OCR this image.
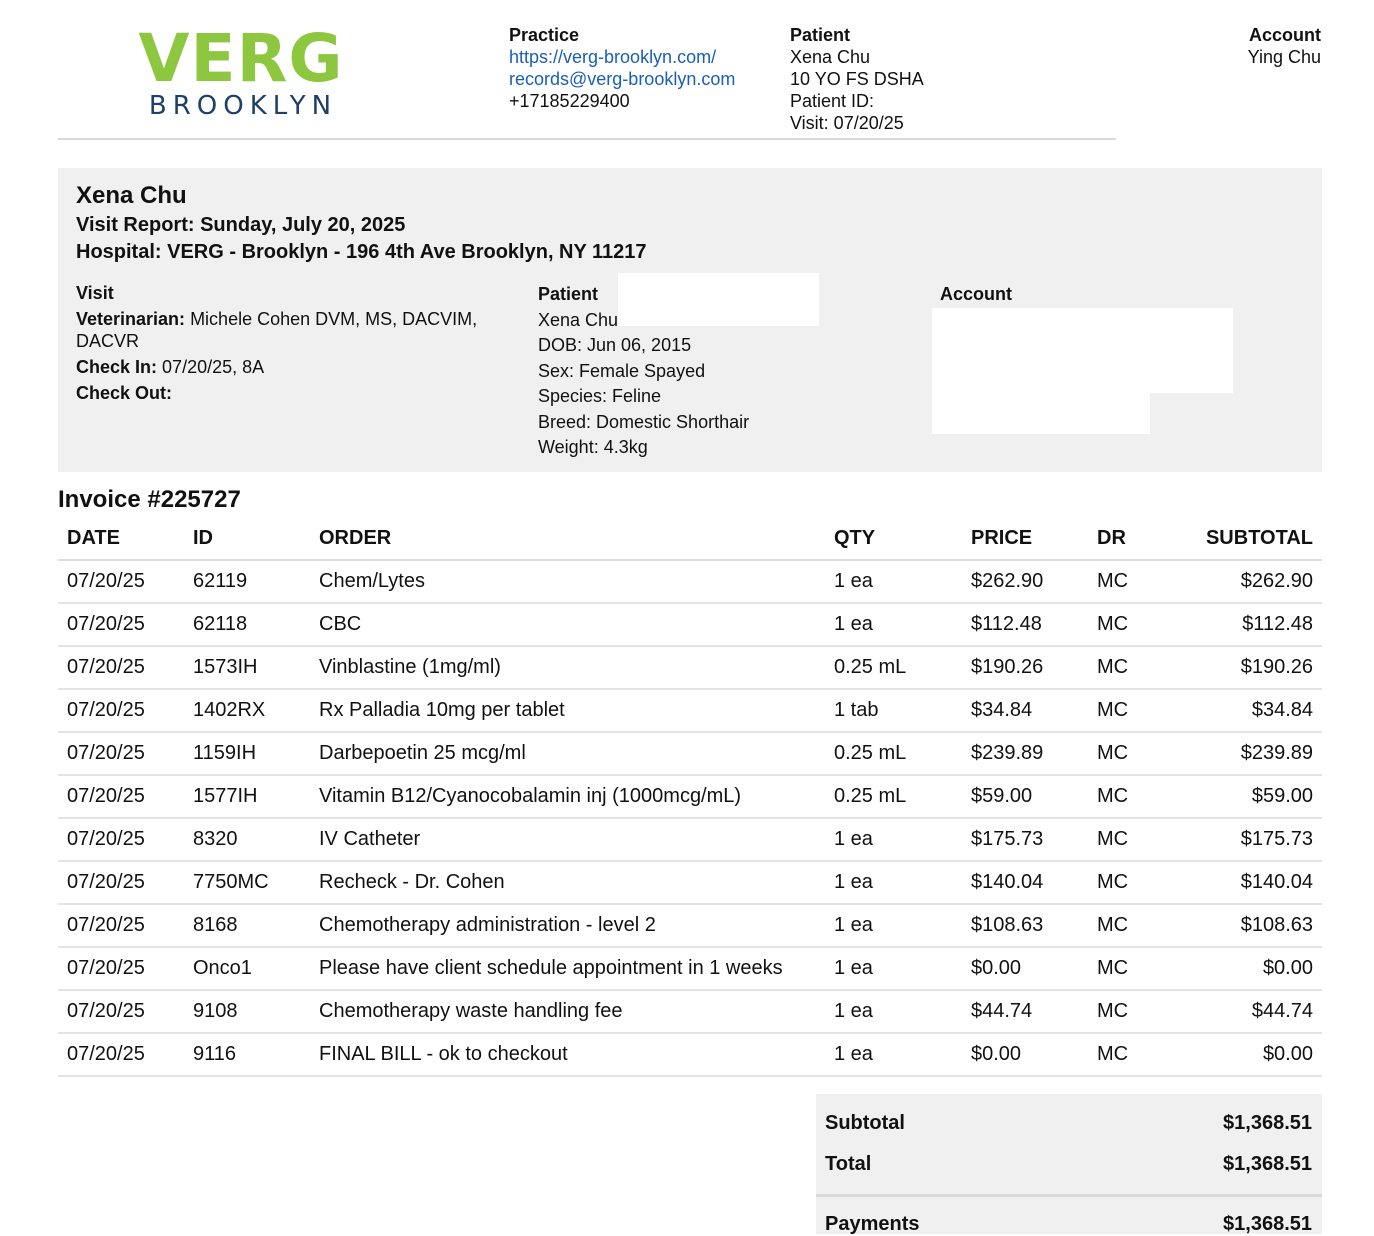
VERG
BROOKLYN
Practice
https://verg-brooklyn.com/
records@verg-brooklyn.com
+17185229400
Patient
Xena Chu
10 YO FS DSHA
Patient ID:
Visit: 07/20/25
Account
Ying Chu
Xena Chu
Visit Report: Sunday, July 20, 2025
Hospital: VERG - Brooklyn - 196 4th Ave Brooklyn, NY 11217
Visit
Veterinarian: Michele Cohen DVM, MS, DACVIM,
DACVR
Check In: 07/20/25, 8A
Check Out:
Patient
Xena Chu
DOB: Jun 06, 2015
Sex: Female Spayed
Species: Feline
Breed: Domestic Shorthair
Weight: 4.3kg
Account
Invoice #225727
DATE	ID	ORDER	QTY	PRICE	DR	SUBTOTAL
07/20/25	62119	Chem/Lytes	1 ea	$262.90	MC	$262.90
07/20/25	62118	CBC	1 ea	$112.48	MC	$112.48
07/20/25	1573IH	Vinblastine (1mg/ml)	0.25 mL	$190.26	MC	$190.26
07/20/25	1402RX	Rx Palladia 10mg per tablet	1 tab	$34.84	MC	$34.84
07/20/25	1159IH	Darbepoetin 25 mcg/ml	0.25 mL	$239.89	MC	$239.89
07/20/25	1577IH	Vitamin B12/Cyanocobalamin inj (1000mcg/mL)	0.25 mL	$59.00	MC	$59.00
07/20/25	8320	IV Catheter	1 ea	$175.73	MC	$175.73
07/20/25	7750MC	Recheck - Dr. Cohen	1 ea	$140.04	MC	$140.04
07/20/25	8168	Chemotherapy administration - level 2	1 ea	$108.63	MC	$108.63
07/20/25	Onco1	Please have client schedule appointment in 1 weeks	1 ea	$0.00	MC	$0.00
07/20/25	9108	Chemotherapy waste handling fee	1 ea	$44.74	MC	$44.74
07/20/25	9116	FINAL BILL - ok to checkout	1 ea	$0.00	MC	$0.00
Subtotal	$1,368.51
Total	$1,368.51
Payments	$1,368.51
